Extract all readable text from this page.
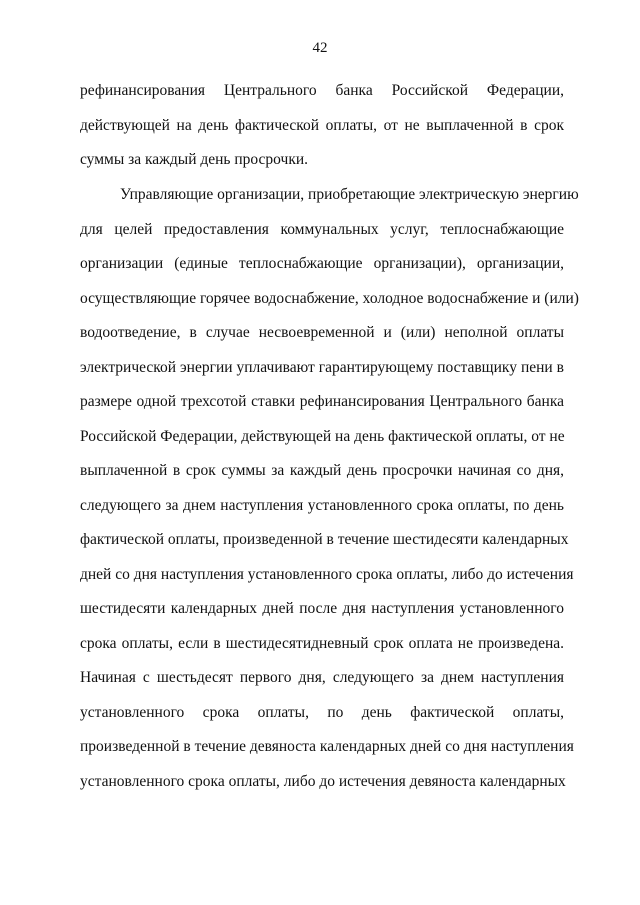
42
рефинансирования Центрального банка Российской Федерации,
действующей на день фактической оплаты, от не выплаченной в срок
суммы за каждый день просрочки.
Управляющие организации, приобретающие электрическую энергию
для целей предоставления коммунальных услуг, теплоснабжающие
организации (единые теплоснабжающие организации), организации,
осуществляющие горячее водоснабжение, холодное водоснабжение и (или)
водоотведение, в случае несвоевременной и (или) неполной оплаты
электрической энергии уплачивают гарантирующему поставщику пени в
размере одной трехсотой ставки рефинансирования Центрального банка
Российской Федерации, действующей на день фактической оплаты, от не
выплаченной в срок суммы за каждый день просрочки начиная со дня,
следующего за днем наступления установленного срока оплаты, по день
фактической оплаты, произведенной в течение шестидесяти календарных
дней со дня наступления установленного срока оплаты, либо до истечения
шестидесяти календарных дней после дня наступления установленного
срока оплаты, если в шестидесятидневный срок оплата не произведена.
Начиная с шестьдесят первого дня, следующего за днем наступления
установленного срока оплаты, по день фактической оплаты,
произведенной в течение девяноста календарных дней со дня наступления
установленного срока оплаты, либо до истечения девяноста календарных
